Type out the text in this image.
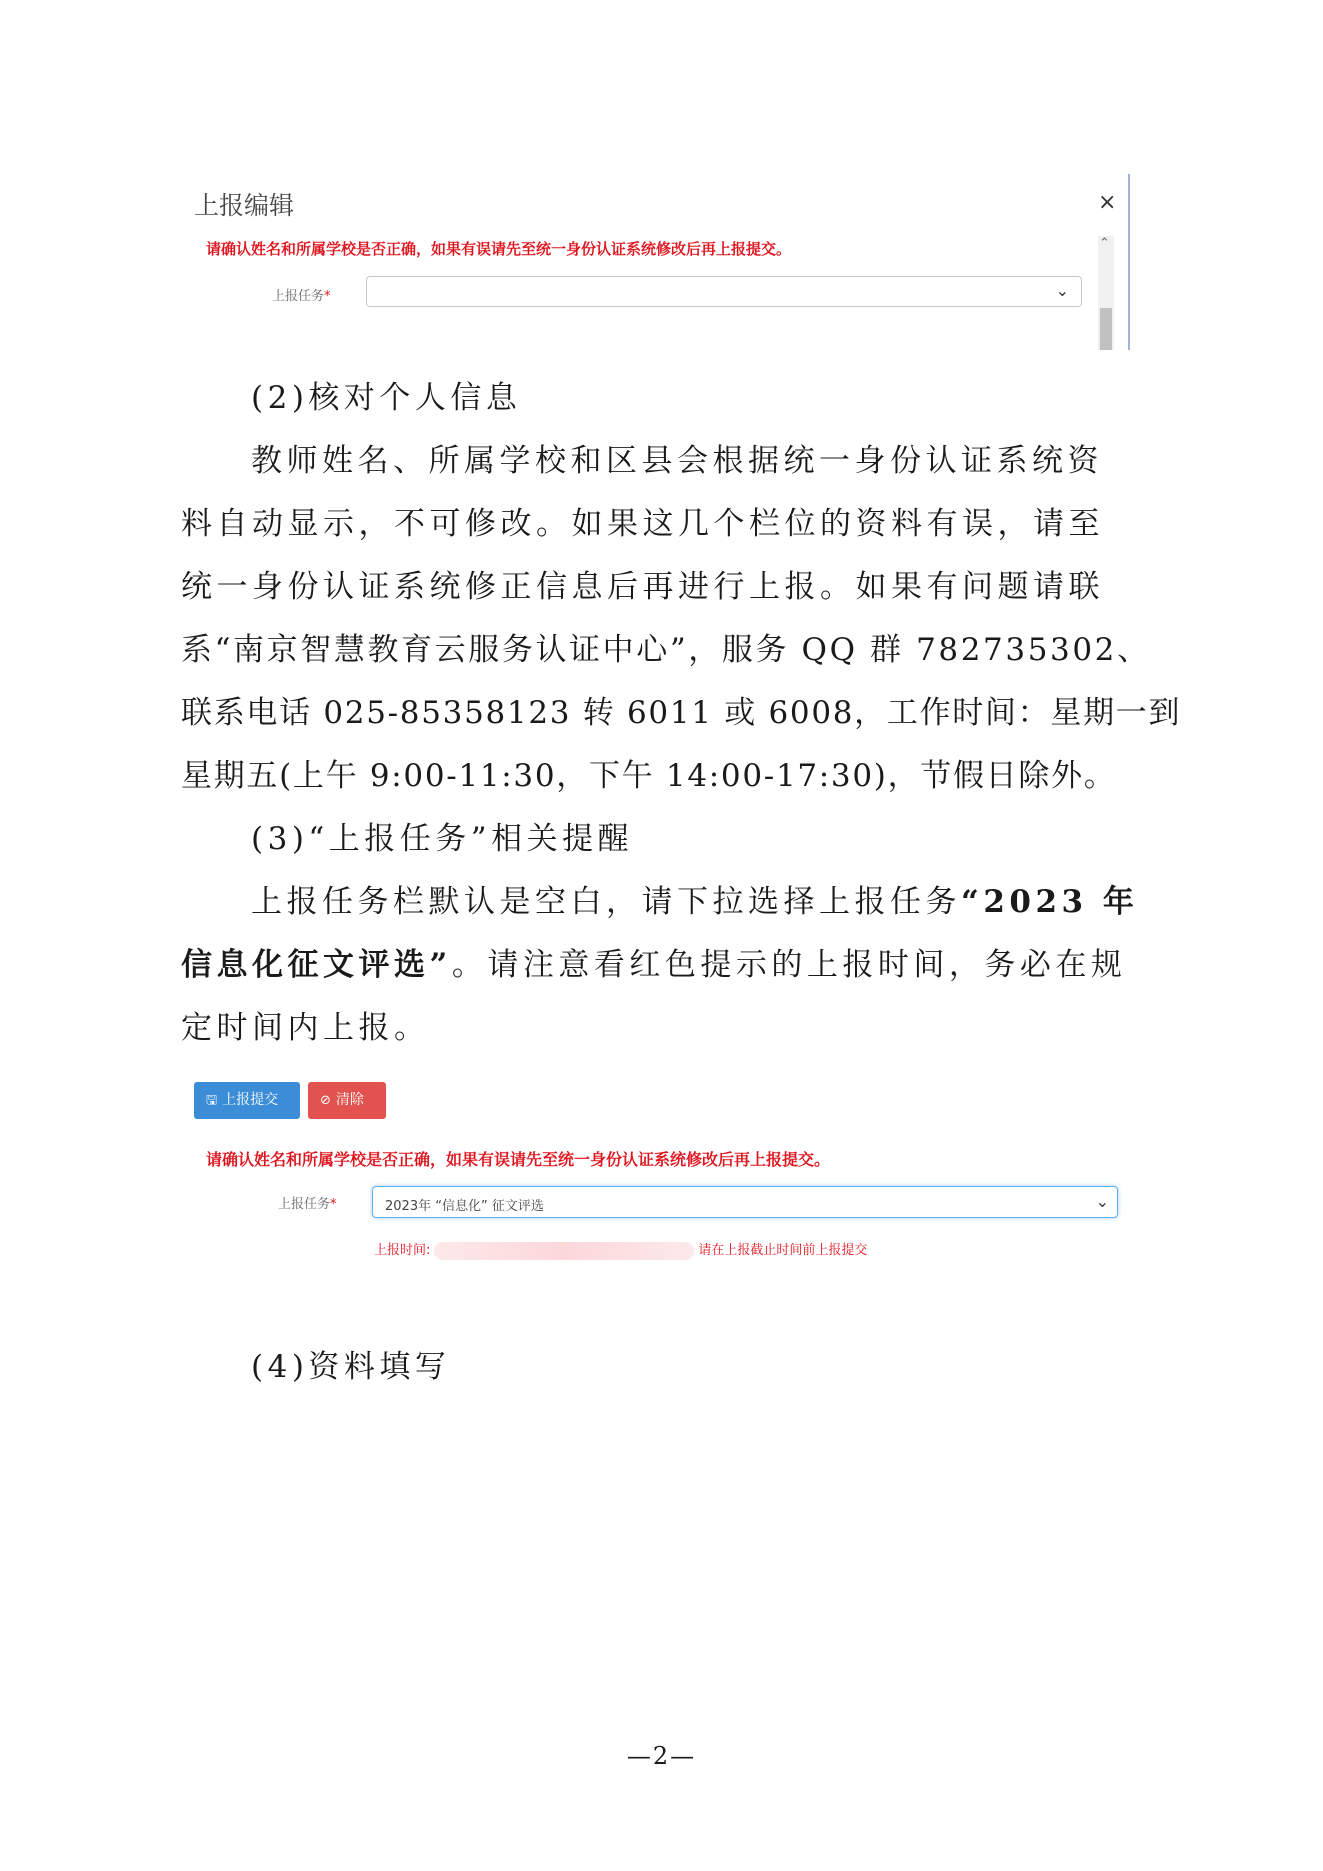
上报编辑	×
请确认姓名和所属学校是否正确，如果有误请先至统一身份认证系统修改后再上报提交。
上报任务*	⌄
⌃
(2)核对个人信息
教师姓名、所属学校和区县会根据统一身份认证系统资
料自动显示，不可修改。如果这几个栏位的资料有误，请至
统一身份认证系统修正信息后再进行上报。如果有问题请联
系“南京智慧教育云服务认证中心”，服务 QQ 群 782735302、
联系电话 025-85358123 转 6011 或 6008，工作时间：星期一到
星期五(上午 9:00-11:30，下午 14:00-17:30)，节假日除外。
(3)“上报任务”相关提醒
上报任务栏默认是空白，请下拉选择上报任务“2023 年
信息化征文评选”。请注意看红色提示的上报时间，务必在规
定时间内上报。
🖫 上报提交	⊘ 清除
请确认姓名和所属学校是否正确，如果有误请先至统一身份认证系统修改后再上报提交。
上报任务*	2023年 “信息化” 征文评选	⌄
上报时间:	请在上报截止时间前上报提交
(4)资料填写
—2—
